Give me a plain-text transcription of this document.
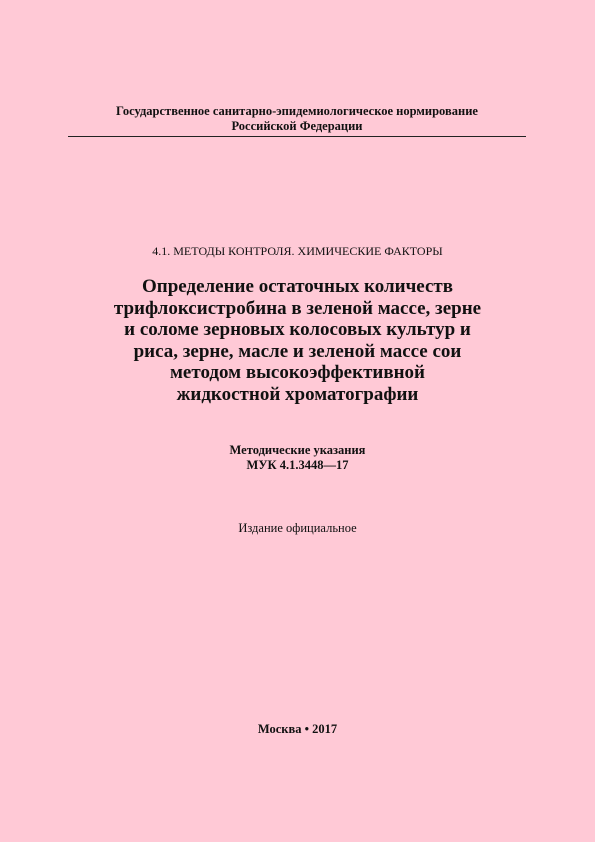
Государственное санитарно-эпидемиологическое нормирование
Российской Федерации
4.1. МЕТОДЫ КОНТРОЛЯ. ХИМИЧЕСКИЕ ФАКТОРЫ
Определение остаточных количеств
трифлоксистробина в зеленой массе, зерне
и соломе зерновых колосовых культур и
риса, зерне, масле и зеленой массе сои
методом высокоэффективной
жидкостной хроматографии
Методические указания
МУК 4.1.3448—17
Издание официальное
Москва • 2017
